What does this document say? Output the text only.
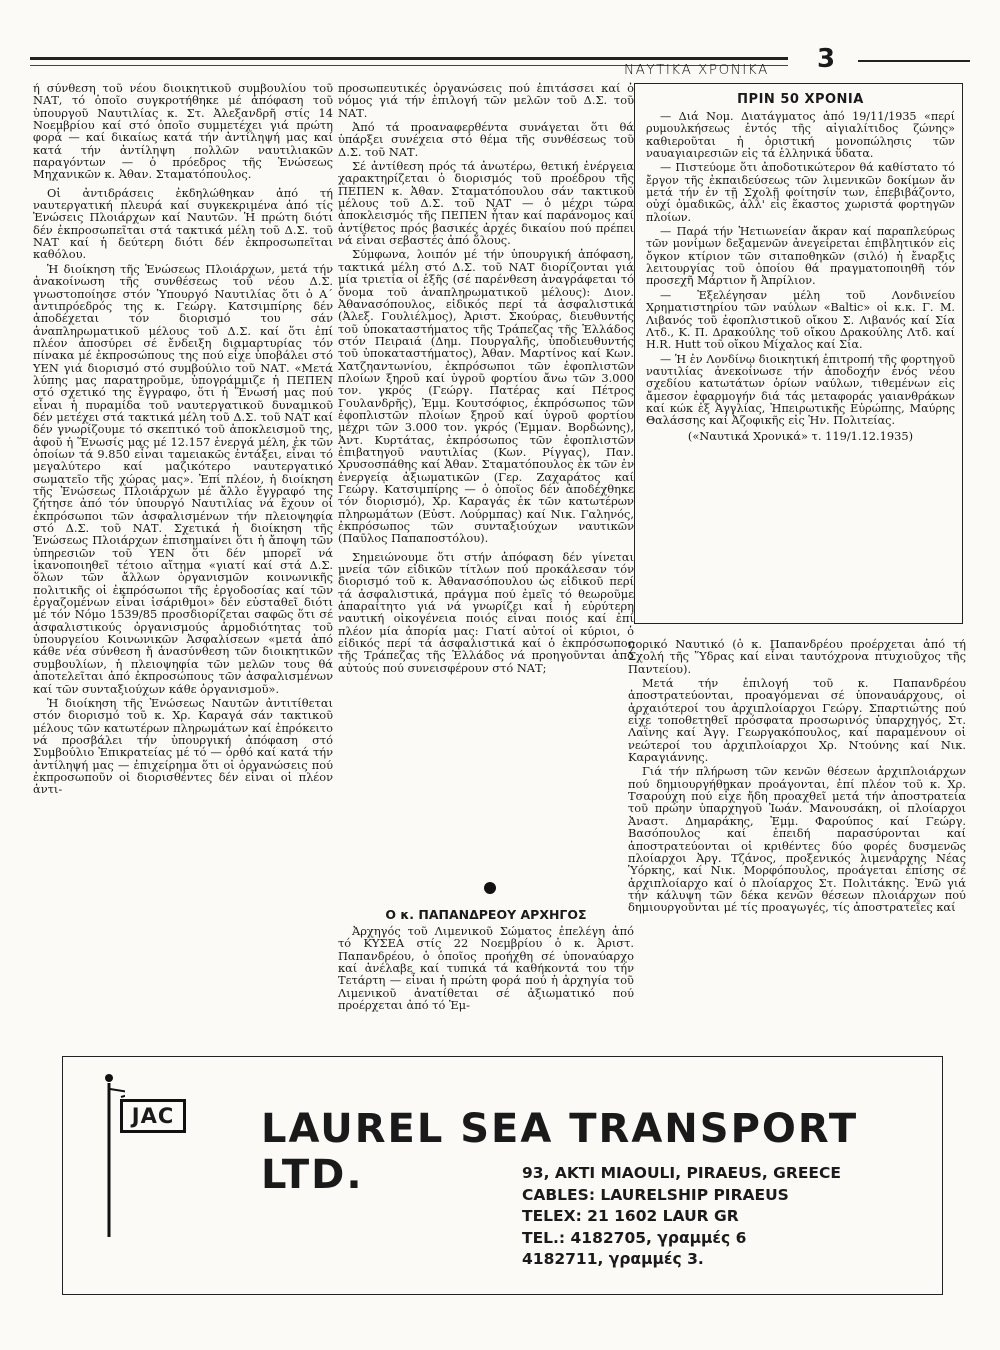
ΝΑΥΤΙΚΑ ΧΡΟΝΙΚΑ 3

ή σύνθεση τοῦ νέου διοικητικοῦ συμβουλίου τοῦ ΝΑΤ, τό ὁποῖο συγκροτήθηκε μέ ἀπόφαση τοῦ ὑπουργοῦ Ναυτιλίας κ. Στ. Ἀλεξανδρῆ στίς 14 Νοεμβρίου καί στό ὁποῖο συμμετέχει γιά πρώτη φορά — καί δικαίως κατά τήν ἀντίληψή μας καί κατά τήν ἀντίληψη πολλῶν ναυτιλιακῶν παραγόντων — ὁ πρόεδρος τῆς Ἑνώσεως Μηχανικῶν κ. Ἀθαν. Σταματόπουλος.

Οἱ ἀντιδράσεις ἐκδηλώθηκαν ἀπό τή ναυτεργατική πλευρά καί συγκεκριμένα ἀπό τίς Ἑνώσεις Πλοιάρχων καί Ναυτῶν. Ἡ πρώτη διότι δέν ἐκπροσωπεῖται στά τακτικά μέλη τοῦ Δ.Σ. τοῦ ΝΑΤ καί ἡ δεύτερη διότι δέν ἐκπροσωπεῖται καθόλου.

Ἡ διοίκηση τῆς Ἑνώσεως Πλοιάρχων, μετά τήν ἀνακοίνωση τῆς συνθέσεως τοῦ νέου Δ.Σ. γνωστοποίησε στόν Ὑπουργό Ναυτιλίας ὅτι ὁ Α΄ ἀντιπρόεδρός της κ. Γεώργ. Κατσιμπίρης δέν ἀποδέχεται τόν διορισμό του σάν ἀναπληρωματικοῦ μέλους τοῦ Δ.Σ. καί ὅτι ἐπί πλέον ἀποσύρει σέ ἔνδειξη διαμαρτυρίας τόν πίνακα μέ ἐκπροσώπους της πού εἶχε ὑποβάλει στό ΥΕΝ γιά διορισμό στό συμβούλιο τοῦ ΝΑΤ. «Μετά λύπης μας παρατηροῦμε, ὑπογράμμιζε ἡ ΠΕΠΕΝ στό σχετικό της ἔγγραφο, ὅτι ἡ Ἕνωσή μας πού εἶναι ἡ πυραμίδα τοῦ ναυτεργατικοῦ δυναμικοῦ δέν μετέχει στά τακτικά μέλη τοῦ Δ.Σ. τοῦ ΝΑΤ καί δέν γνωρίζουμε τό σκεπτικό τοῦ ἀποκλεισμοῦ της, ἀφοῦ ἡ Ἕνωσίς μας μέ 12.157 ἐνεργά μέλη, ἐκ τῶν ὁποίων τά 9.850 εἶναι ταμειακῶς ἐντάξει, εἶναι τό μεγαλύτερο καί μαζικότερο ναυτεργατικό σωματεῖο τῆς χώρας μας». Ἐπί πλέον, ἡ διοίκηση τῆς Ἑνώσεως Πλοιάρχων μέ ἄλλο ἔγγραφό της ζήτησε ἀπό τόν ὑπουργό Ναυτιλίας νά ἔχουν οἱ ἐκπρόσωποι τῶν ἀσφαλισμένων τήν πλειοψηφία στό Δ.Σ. τοῦ ΝΑΤ. Σχετικά ἡ διοίκηση τῆς Ἑνώσεως Πλοιάρχων ἐπισημαίνει ὅτι ἡ ἄποψη τῶν ὑπηρεσιῶν τοῦ ΥΕΝ ὅτι δέν μπορεῖ νά ἱκανοποιηθεῖ τέτοιο αἴτημα «γιατί καί στά Δ.Σ. ὅλων τῶν ἄλλων ὀργανισμῶν κοινωνικῆς πολιτικῆς οἱ ἐκπρόσωποι τῆς ἐργοδοσίας καί τῶν ἐργαζομένων εἶναι ἰσάριθμοι» δέν εὐσταθεῖ διότι μέ τόν Νόμο 1539/85 προσδιορίζεται σαφῶς ὅτι σέ ἀσφαλιστικούς ὀργανισμούς ἁρμοδιότητας τοῦ ὑπουργείου Κοινωνικῶν Ἀσφαλίσεων «μετά ἀπό κάθε νέα σύνθεση ἤ ἀνασύνθεση τῶν διοικητικῶν συμβουλίων, ἡ πλειοψηφία τῶν μελῶν τους θά ἀποτελεῖται ἀπό ἐκπροσώπους τῶν ἀσφαλισμένων καί τῶν συνταξιούχων κάθε ὀργανισμοῦ».

Ἡ διοίκηση τῆς Ἑνώσεως Ναυτῶν ἀντιτίθεται στόν διορισμό τοῦ κ. Χρ. Καραγά σάν τακτικοῦ μέλους τῶν κατωτέρων πληρωμάτων καί ἐπρόκειτο νά προσβάλει τήν ὑπουργική ἀπόφαση στό Συμβούλιο Ἐπικρατείας μέ τό — ὀρθό καί κατά τήν ἀντίληψή μας — ἐπιχείρημα ὅτι οἱ ὀργανώσεις πού ἐκπροσωποῦν οἱ διορισθέντες δέν εἶναι οἱ πλέον ἀντι-

προσωπευτικές ὀργανώσεις πού ἐπιτάσσει καί ὁ νόμος γιά τήν ἐπιλογή τῶν μελῶν τοῦ Δ.Σ. τοῦ ΝΑΤ.

Ἀπό τά προαναφερθέντα συνάγεται ὅτι θά ὑπάρξει συνέχεια στό θέμα τῆς συνθέσεως τοῦ Δ.Σ. τοῦ ΝΑΤ.

Σέ ἀντίθεση πρός τά ἀνωτέρω, θετική ἐνέργεια χαρακτηρίζεται ὁ διορισμός τοῦ προέδρου τῆς ΠΕΠΕΝ κ. Ἀθαν. Σταματόπουλου σάν τακτικοῦ μέλους τοῦ Δ.Σ. τοῦ ΝΑΤ — ὁ μέχρι τώρα ἀποκλεισμός τῆς ΠΕΠΕΝ ἦταν καί παράνομος καί ἀντίθετος πρός βασικές ἀρχές δικαίου πού πρέπει νά εἶναι σεβαστές ἀπό ὅλους.

Σύμφωνα, λοιπόν μέ τήν ὑπουργική ἀπόφαση, τακτικά μέλη στό Δ.Σ. τοῦ ΝΑΤ διορίζονται γιά μία τριετία οἱ ἑξῆς (σέ παρένθεση ἀναγράφεται τό ὄνομα τοῦ ἀναπληρωματικοῦ μέλους): Διον. Ἀθανασόπουλος, εἰδικός περί τά ἀσφαλιστικά (Ἀλεξ. Γουλιέλμος), Ἀριστ. Σκούρας, διευθυντής τοῦ ὑποκαταστήματος τῆς Τράπεζας τῆς Ἑλλάδος στόν Πειραιά (Δημ. Πουργαλῆς, ὑποδιευθυντής τοῦ ὑποκαταστήματος), Ἀθαν. Μαρτίνος καί Κων. Χατζηαντωνίου, ἐκπρόσωποι τῶν ἐφοπλιστῶν πλοίων ξηροῦ καί ὑγροῦ φορτίου ἄνω τῶν 3.000 τον. γκρός (Γεώργ. Πατέρας καί Πέτρος Γουλανδρῆς), Ἐμμ. Κουτσόφιος, ἐκπρόσωπος τῶν ἐφοπλιστῶν πλοίων ξηροῦ καί ὑγροῦ φορτίου μέχρι τῶν 3.000 τον. γκρός (Ἐμμαν. Βορδώνης), Ἀντ. Κυρτάτας, ἐκπρόσωπος τῶν ἐφοπλιστῶν ἐπιβατηγοῦ ναυτιλίας (Κων. Ρίγγας), Παν. Χρυσοσπάθης καί Ἀθαν. Σταματόπουλος ἐκ τῶν ἐν ἐνεργείᾳ ἀξιωματικῶν (Γερ. Ζαχαράτος καί Γεώργ. Κατσιμπίρης — ὁ ὁποῖος δέν ἀποδέχθηκε τόν διορισμό), Χρ. Καραγάς ἐκ τῶν κατωτέρων πληρωμάτων (Εὐστ. Λούρμπας) καί Νικ. Γαληνός, ἐκπρόσωπος τῶν συνταξιούχων ναυτικῶν (Παῦλος Παπαποστόλου).

Σημειώνουμε ὅτι στήν ἀπόφαση δέν γίνεται μνεία τῶν εἰδικῶν τίτλων πού προκάλεσαν τόν διορισμό τοῦ κ. Ἀθανασόπουλου ὡς εἰδικοῦ περί τά ἀσφαλιστικά, πράγμα πού ἐμεῖς τό θεωροῦμε ἀπαραίτητο γιά νά γνωρίζει καί ἡ εὐρύτερη ναυτική οἰκογένεια ποιός εἶναι ποιός καί ἐπί πλέον μία ἀπορία μας: Γιατί αὐτοί οἱ κύριοι, ὁ εἰδικός περί τά ἀσφαλιστικά καί ὁ ἐκπρόσωπος τῆς Τράπεζας τῆς Ἑλλάδος νά προηγοῦνται ἀπό αὐτούς πού συνεισφέρουν στό ΝΑΤ;

ΠΡΙΝ 50 ΧΡΟΝΙΑ

— Διά Νομ. Διατάγματος ἀπό 19/11/1935 «περί ρυμουλκήσεως ἐντός τῆς αἰγιαλίτιδος ζώνης» καθιεροῦται ἡ ὁριστική μονοπώλησις τῶν ναυαγιαιρεσιῶν εἰς τά ἑλληνικά ὕδατα.

— Πιστεύομε ὅτι ἀποδοτικώτερον θά καθίστατο τό ἔργον τῆς ἐκπαιδεύσεως τῶν λιμενικῶν δοκίμων ἄν μετά τήν ἐν τῇ Σχολῇ φοίτησίν των, ἐπεβιβάζοντο, οὐχί ὁμαδικῶς, ἀλλ' εἰς ἕκαστος χωριστά φορτηγῶν πλοίων.

— Παρά τήν Ἡετιωνείαν ἄκραν καί παραπλεύρως τῶν μονίμων δεξαμενῶν ἀνεγείρεται ἐπιβλητικόν εἰς ὄγκον κτίριον τῶν σιταποθηκῶν (σιλό) ἡ ἔναρξις λειτουργίας τοῦ ὁποίου θά πραγματοποιηθῆ τόν προσεχῆ Μάρτιον ἤ Ἀπρίλιον.

— Ἐξελέγησαν μέλη τοῦ Λονδινείου Χρηματιστηρίου τῶν ναύλων «Baltic» οἱ κ.κ. Γ. Μ. Λιβανός τοῦ ἐφοπλιστικοῦ οἴκου Σ. Λιβανός καί Σία Λτδ., Κ. Π. Δρακούλης τοῦ οἴκου Δρακούλης Λτδ. καί H.R. Hutt τοῦ οἴκου Μίχαλος καί Σία.

— Ἡ ἐν Λονδίνῳ διοικητική ἐπιτροπή τῆς φορτηγοῦ ναυτιλίας ἀνεκοίνωσε τήν ἀποδοχήν ἑνός νέου σχεδίου κατωτάτων ὁρίων ναύλων, τιθεμένων εἰς ἄμεσον ἐφαρμογήν διά τάς μεταφοράς γαιανθράκων καί κώκ ἐξ Ἀγγλίας, Ἠπειρωτικῆς Εὐρώπης, Μαύρης Θαλάσσης καί Ἀζοφικῆς εἰς Ἡν. Πολιτείας.

(«Ναυτικά Χρονικά» τ. 119/1.12.1935)

πορικό Ναυτικό (ὁ κ. Παπανδρέου προέρχεται ἀπό τή Σχολή τῆς Ὕδρας καί εἶναι ταυτόχρονα πτυχιοῦχος τῆς Παντείου).

Μετά τήν ἐπιλογή τοῦ κ. Παπανδρέου ἀποστρατεύονται, προαγόμεναι σέ ὑποναυάρχους, οἱ ἀρχαιότεροί του ἀρχιπλοίαρχοι Γεώργ. Σπαρτιώτης πού εἶχε τοποθετηθεῖ πρόσφατα προσωρινός ὑπαρχηγός, Στ. Λαΐνης καί Ἀγγ. Γεωργακόπουλος, καί παραμένουν οἱ νεώτεροί του ἀρχιπλοίαρχοι Χρ. Ντούνης καί Νικ. Καραγιάννης.

Γιά τήν πλήρωση τῶν κενῶν θέσεων ἀρχιπλοιάρχων πού δημιουργήθηκαν προάγονται, ἐπί πλέον τοῦ κ. Χρ. Τσαρούχη πού εἶχε ἤδη προαχθεῖ μετά τήν ἀποστρατεία τοῦ πρώην ὑπαρχηγοῦ Ἰωάν. Μανουσάκη, οἱ πλοίαρχοι Ἀναστ. Δημαράκης, Ἐμμ. Φαρούπος καί Γεώργ. Βασόπουλος καί ἐπειδή παρασύρονται καί ἀποστρατεύονται οἱ κριθέντες δύο φορές δυσμενῶς πλοίαρχοι Ἀργ. Τζάνος, προξενικός λιμενάρχης Νέας Ὑόρκης, καί Νικ. Μορφόπουλος, προάγεται ἐπίσης σέ ἀρχιπλοίαρχο καί ὁ πλοίαρχος Στ. Πολιτάκης. Ἐνῶ γιά τήν κάλυψη τῶν δέκα κενῶν θέσεων πλοιάρχων πού δημιουργοῦνται μέ τίς προαγωγές, τίς ἀποστρατεῖες καί

Ο κ. ΠΑΠΑΝΔΡΕΟΥ ΑΡΧΗΓΟΣ

Ἀρχηγός τοῦ Λιμενικοῦ Σώματος ἐπελέγη ἀπό τό ΚΥΣΕΑ στίς 22 Νοεμβρίου ὁ κ. Ἀριστ. Παπανδρέου, ὁ ὁποῖος προήχθη σέ ὑποναύαρχο καί ἀνέλαβε καί τυπικά τά καθήκοντά του τήν Τετάρτη — εἶναι ἡ πρώτη φορά πού ἡ ἀρχηγία τοῦ Λιμενικοῦ ἀνατίθεται σέ ἀξιωματικό πού προέρχεται ἀπό τό Ἐμ-

JAC LAUREL SEA TRANSPORT LTD.	93, AKTI MIAOULI, PIRAEUS, GREECE
CABLES: LAURELSHIP PIRAEUS
TELEX: 21 1602 LAUR GR
TEL.: 4182705, γραμμές 6
4182711, γραμμές 3.
